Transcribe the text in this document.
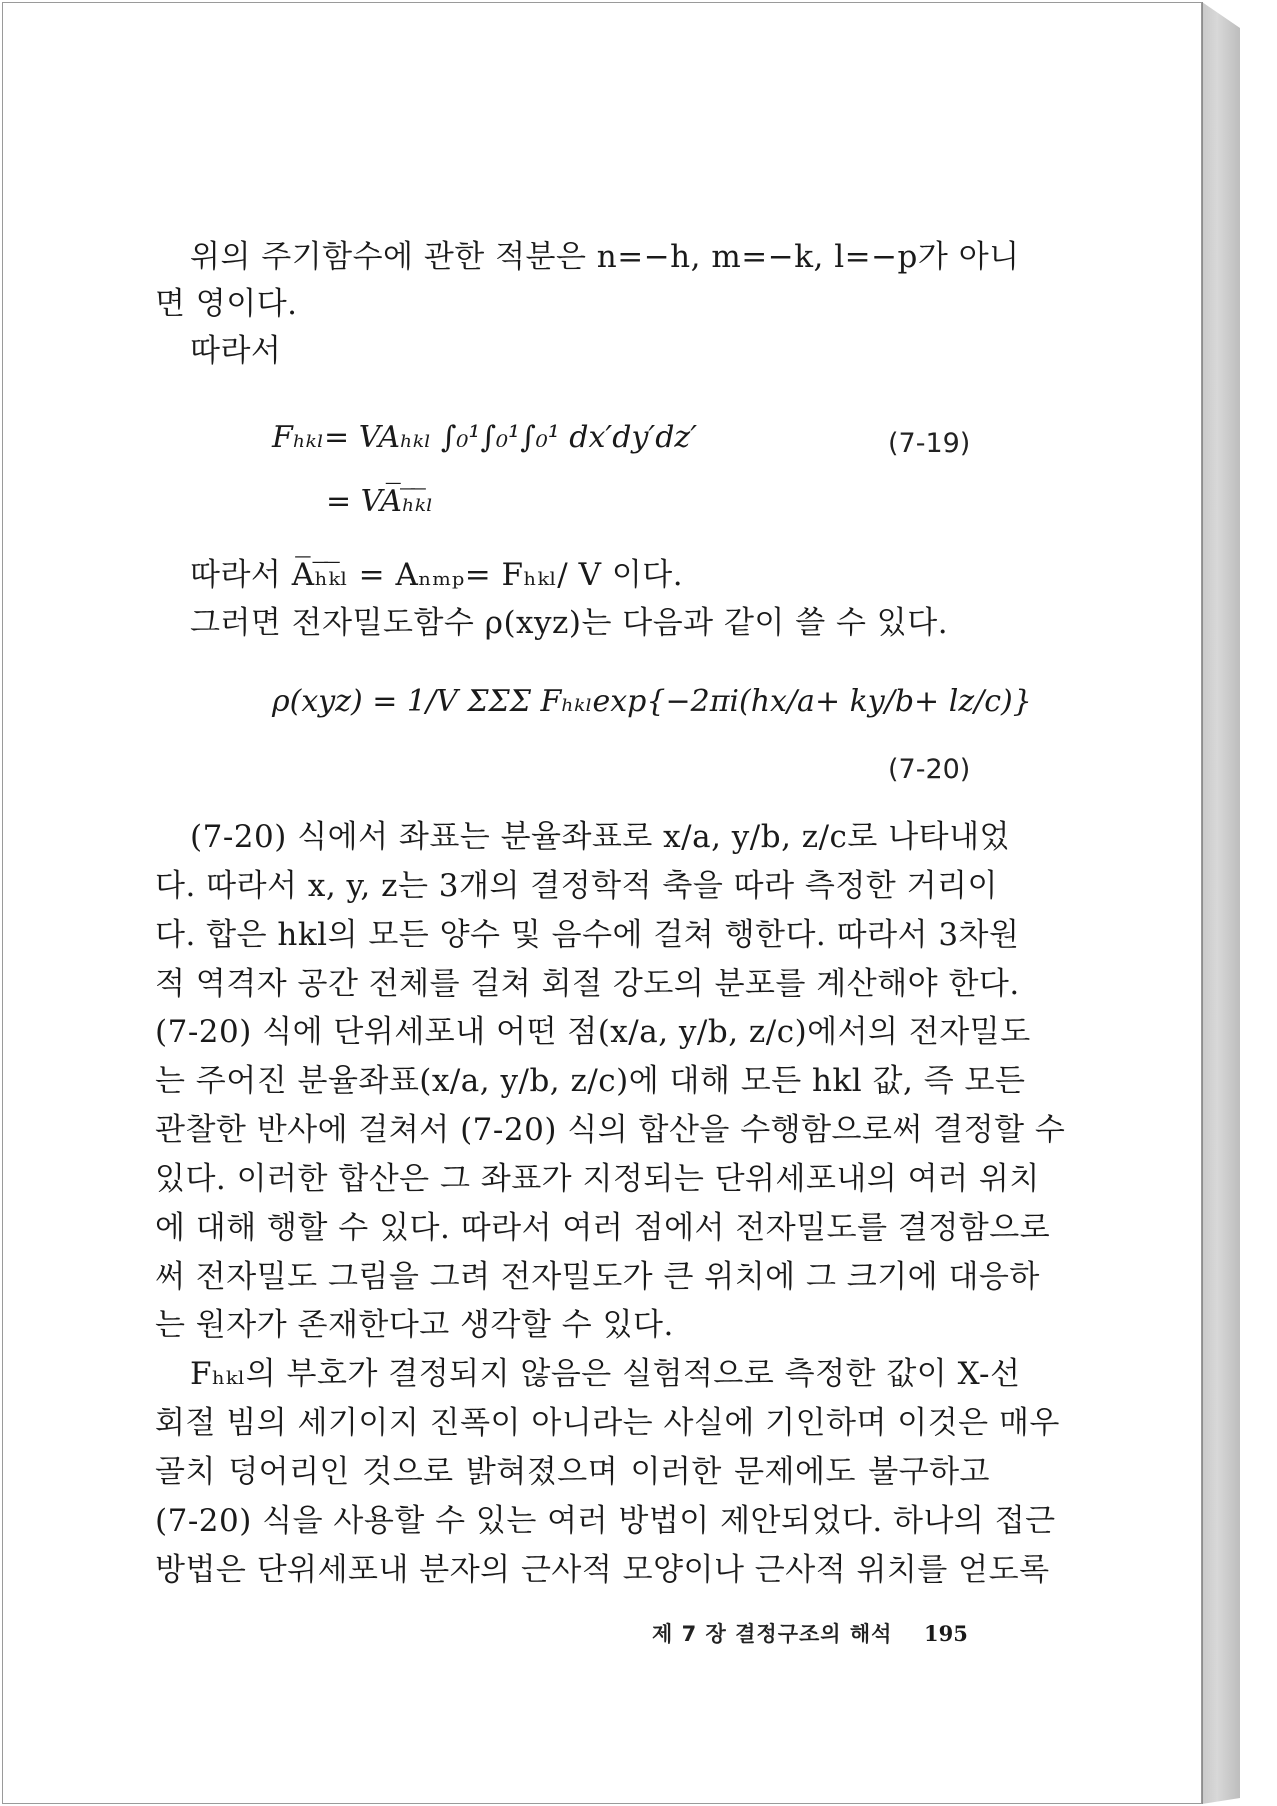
위의 주기함수에 관한 적분은 n=−h, m=−k, l=−p가 아니
면 영이다.
따라서
Fₕₖₗ= VAₕₖₗ ∫₀¹∫₀¹∫₀¹ dx′dy′dz′
= VA̅ₕ̅ₖ̅ₗ
(7-19)
따라서 A̅ₕ̅ₖ̅ₗ = Aₙₘₚ= Fₕₖₗ/ V 이다.
그러면 전자밀도함수 ρ(xyz)는 다음과 같이 쓸 수 있다.
ρ(xyz) = 1/V ΣΣΣ Fₕₖₗexp{−2πi(hx/a+ ky/b+ lz/c)}
(7-20)
(7-20) 식에서 좌표는 분율좌표로 x/a, y/b, z/c로 나타내었
다. 따라서 x, y, z는 3개의 결정학적 축을 따라 측정한 거리이
다. 합은 hkl의 모든 양수 및 음수에 걸쳐 행한다. 따라서 3차원
적 역격자 공간 전체를 걸쳐 회절 강도의 분포를 계산해야 한다.
(7-20) 식에 단위세포내 어떤 점(x/a, y/b, z/c)에서의 전자밀도
는 주어진 분율좌표(x/a, y/b, z/c)에 대해 모든 hkl 값, 즉 모든
관찰한 반사에 걸쳐서 (7-20) 식의 합산을 수행함으로써 결정할 수
있다. 이러한 합산은 그 좌표가 지정되는 단위세포내의 여러 위치
에 대해 행할 수 있다. 따라서 여러 점에서 전자밀도를 결정함으로
써 전자밀도 그림을 그려 전자밀도가 큰 위치에 그 크기에 대응하
는 원자가 존재한다고 생각할 수 있다.
Fₕₖₗ의 부호가 결정되지 않음은 실험적으로 측정한 값이 X-선
회절 빔의 세기이지 진폭이 아니라는 사실에 기인하며 이것은 매우
골치 덩어리인 것으로 밝혀졌으며 이러한 문제에도 불구하고
(7-20) 식을 사용할 수 있는 여러 방법이 제안되었다. 하나의 접근
방법은 단위세포내 분자의 근사적 모양이나 근사적 위치를 얻도록
제 7 장 결정구조의 해석 195
